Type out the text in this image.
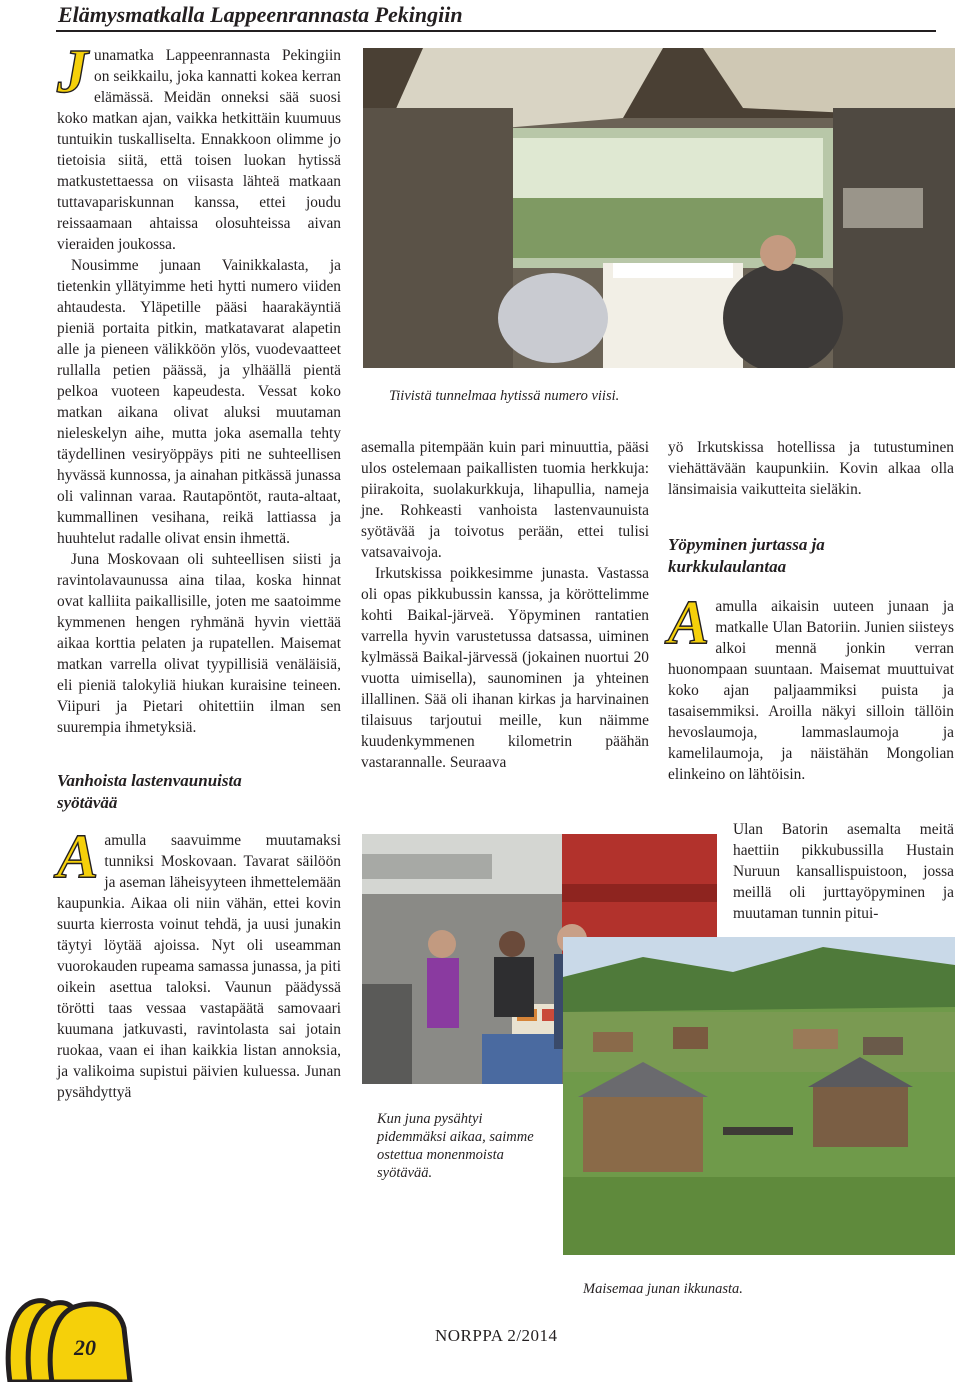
Elämysmatkalla Lappeenrannasta Pekingiin

Junamatka Lappeenrannasta Pekingiin on seikkailu, joka kannatti kokea kerran elämässä. Meidän onneksi sää suosi koko matkan ajan, vaikka hetkittäin kuumuus tuntuikin tuskalliselta. Ennakkoon olimme jo tietoisia siitä, että toisen luokan hytissä matkustettaessa on viisasta lähteä matkaan tuttavapariskunnan kanssa, ettei joudu reissaamaan ahtaissa olosuhteissa aivan vieraiden joukossa.

Nousimme junaan Vainikkalasta, ja tietenkin yllätyimme heti hytti numero viiden ahtaudesta. Yläpetille pääsi haarakäyntiä pieniä portaita pitkin, matkatavarat alapetin alle ja pieneen välikköön ylös, vuodevaatteet rullalla petien päässä, ja ylhäällä pientä pelkoa vuoteen kapeudesta. Vessat koko matkan aikana olivat aluksi muutaman nieleskelyn aihe, mutta joka asemalla tehty täydellinen vesiryöppäys piti ne suhteellisen hyvässä kunnossa, ja ainahan pitkässä junassa oli valinnan varaa. Rautapöntöt, rauta-altaat, kummallinen vesihana, reikä lattiassa ja huuhtelut radalle olivat ensin ihmettä.

Juna Moskovaan oli suhteellisen siisti ja ravintolavaunussa aina tilaa, koska hinnat ovat kalliita paikallisille, joten me saatoimme kymmenen hengen ryhmänä hyvin viettää aikaa korttia pelaten ja rupatellen. Maisemat matkan varrella olivat tyypillisiä venäläisiä, eli pieniä talokyliä hiukan kuraisine teineen. Viipuri ja Pietari ohitettiin ilman sen suurempia ihmetyksiä.

Vanhoista lastenvaunuista syötävää

Aamulla saavuimme muutamaksi tunniksi Moskovaan. Tavarat säilöön ja aseman läheisyyteen ihmettelemään kaupunkia. Aikaa oli niin vähän, ettei kovin suurta kierrosta voinut tehdä, ja uusi junakin täytyi löytää ajoissa. Nyt oli useamman vuorokauden rupeama samassa junassa, ja piti oikein asettua taloksi. Vaunun päädyssä törötti taas vessaa vastapäätä samovaari kuumana jatkuvasti, ravintolasta sai jotain ruokaa, vaan ei ihan kaikkia listan annoksia, ja valikoima supistui päivien kuluessa. Junan pysähdyttyä

Tiivistä tunnelmaa hytissä numero viisi.

asemalla pitempään kuin pari minuuttia, pääsi ulos ostelemaan paikallisten tuomia herkkuja: piirakoita, suolakurkkuja, lihapullia, nameja jne. Rohkeasti vanhoista lastenvaunuista syötävää ja toivotus perään, ettei tulisi vatsavaivoja.

Irkutskissa poikkesimme junasta. Vastassa oli opas pikkubussin kanssa, ja köröttelimme kohti Baikal-järveä. Yöpyminen rantatien varrella hyvin varustetussa datsassa, uiminen kylmässä Baikal-järvessä (jokainen nuortui 20 vuotta uimisella), saunominen ja yhteinen illallinen. Sää oli ihanan kirkas ja harvinainen tilaisuus tarjoutui meille, kun näimme kuudenkymmenen kilometrin päähän vastarannalle. Seuraava

yö Irkutskissa hotellissa ja tutustuminen viehättävään kaupunkiin. Kovin alkaa olla länsimaisia vaikutteita sieläkin.

Yöpyminen jurtassa ja kurkkulaulantaa

Aamulla aikaisin uuteen junaan ja matkalle Ulan Batoriin. Junien siisteys alkoi mennä jonkin verran huonompaan suuntaan. Maisemat muuttuivat koko ajan paljaammiksi puista ja tasaisemmiksi. Aroilla näkyi silloin tällöin hevoslaumoja, lammaslaumoja ja kamelilaumoja, ja näistähän Mongolian elinkeino on lähtöisin.

Ulan Batorin asemalta meitä haettiin pikkubussilla Hustain Nuruun kansallispuistoon, jossa meillä oli jurttayöpyminen ja muutaman tunnin pitui-

Kun juna pysähtyi pidemmäksi aikaa, saimme ostettua monenmoista syötävää.
Maisemaa junan ikkunasta.
NORPPA 2/2014
20
